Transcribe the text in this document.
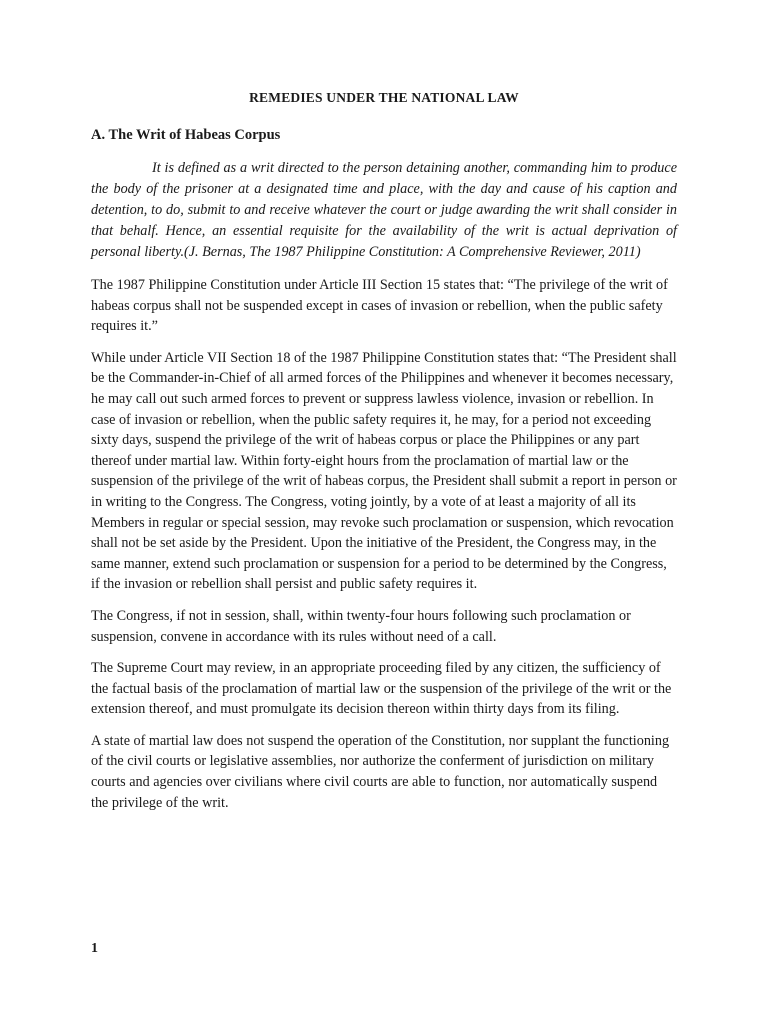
REMEDIES UNDER THE NATIONAL LAW
A. The Writ of Habeas Corpus

It is defined as a writ directed to the person detaining another, commanding him to produce the body of the prisoner at a designated time and place, with the day and cause of his caption and detention, to do, submit to and receive whatever the court or judge awarding the writ shall consider in that behalf. Hence, an essential requisite for the availability of the writ is actual deprivation of personal liberty.(J. Bernas, The 1987 Philippine Constitution: A Comprehensive Reviewer, 2011)

The 1987 Philippine Constitution under Article III Section 15 states that: “The privilege of the writ of habeas corpus shall not be suspended except in cases of invasion or rebellion, when the public safety requires it.”

While under Article VII Section 18 of the 1987 Philippine Constitution states that: “The President shall be the Commander-in-Chief of all armed forces of the Philippines and whenever it becomes necessary, he may call out such armed forces to prevent or suppress lawless violence, invasion or rebellion. In case of invasion or rebellion, when the public safety requires it, he may, for a period not exceeding sixty days, suspend the privilege of the writ of habeas corpus or place the Philippines or any part thereof under martial law. Within forty-eight hours from the proclamation of martial law or the suspension of the privilege of the writ of habeas corpus, the President shall submit a report in person or in writing to the Congress. The Congress, voting jointly, by a vote of at least a majority of all its Members in regular or special session, may revoke such proclamation or suspension, which revocation shall not be set aside by the President. Upon the initiative of the President, the Congress may, in the same manner, extend such proclamation or suspension for a period to be determined by the Congress, if the invasion or rebellion shall persist and public safety requires it.

The Congress, if not in session, shall, within twenty-four hours following such proclamation or suspension, convene in accordance with its rules without need of a call.

The Supreme Court may review, in an appropriate proceeding filed by any citizen, the sufficiency of the factual basis of the proclamation of martial law or the suspension of the privilege of the writ or the extension thereof, and must promulgate its decision thereon within thirty days from its filing.

A state of martial law does not suspend the operation of the Constitution, nor supplant the functioning of the civil courts or legislative assemblies, nor authorize the conferment of jurisdiction on military courts and agencies over civilians where civil courts are able to function, nor automatically suspend the privilege of the writ.

1
